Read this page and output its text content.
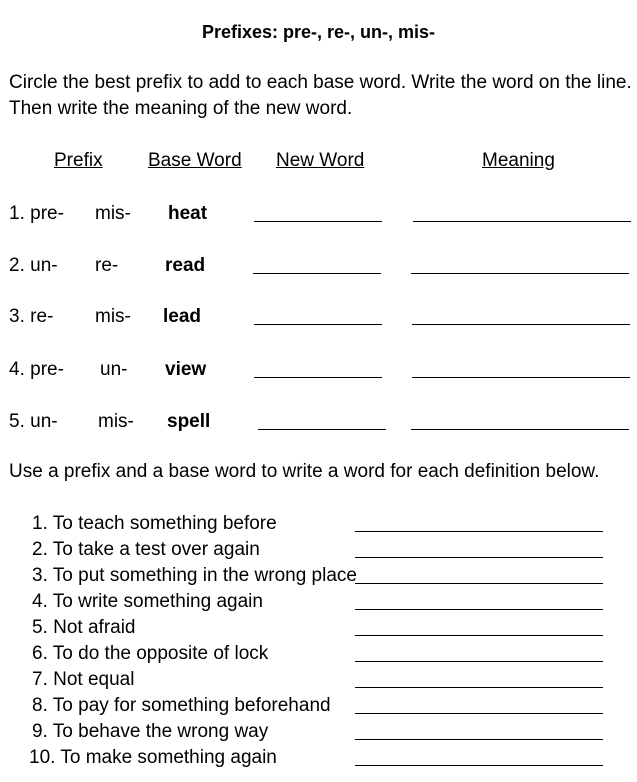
Prefixes: pre-, re-, un-, mis-
Circle the best prefix to add to each base word. Write the word on the line.
Then write the meaning of the new word.
Prefix Base Word New Word	Meaning
1. pre- mis- heat
2. un- re- read
3. re- mis- lead
4. pre- un- view
5. un- mis- spell
Use a prefix and a base word to write a word for each definition below.
1. To teach something before
2. To take a test over again
3. To put something in the wrong place
4. To write something again
5. Not afraid
6. To do the opposite of lock
7. Not equal
8. To pay for something beforehand
9. To behave the wrong way
10. To make something again
